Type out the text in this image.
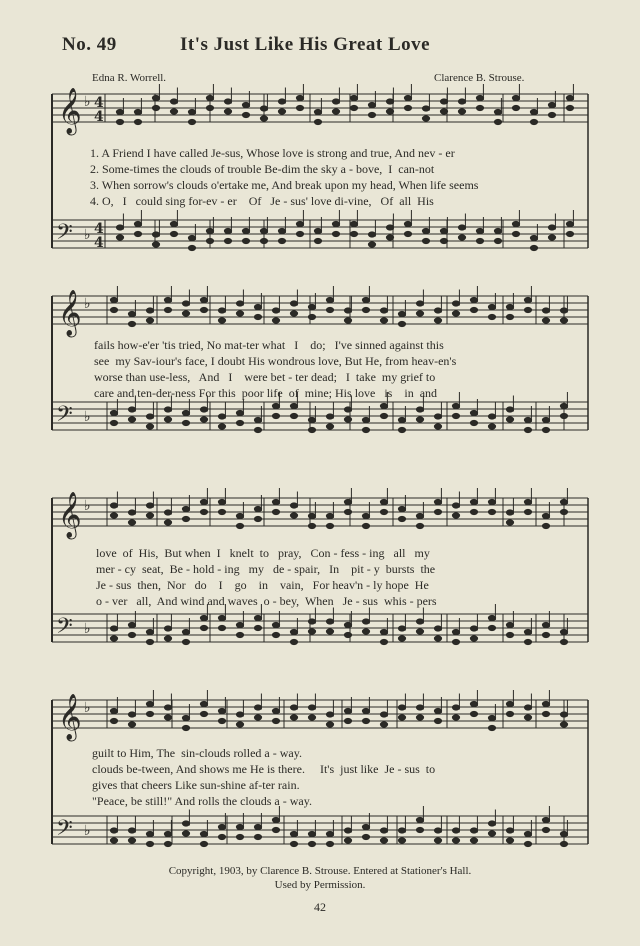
No. 49	It's Just Like His Great Love
Edna R. Worrell.	Clarence B. Strouse.
𝄞
𝄢
♭
♭
4
4
4
4
1. A Friend I have called Je-sus, Whose love is strong and true, And nev - er
2. Some-times the clouds of trouble Be-dim the sky a - bove,  I  can-not
3. When sorrow's clouds o'ertake me, And break upon my head, When life seems
4. O,   I   could sing for-ev - er    Of   Je - sus' love di-vine,   Of  all  His
𝄞
𝄢
♭
♭
fails how-e'er 'tis tried, No mat-ter what   I    do;   I've sinned against this
see  my Sav-iour's face, I doubt His wondrous love, But He, from heav-en's
worse than use-less,   And   I    were bet - ter dead;   I  take  my grief to
care and ten-der-ness For this  poor life  of  mine; His love   is    in  and
𝄞
𝄢
♭
♭
love  of  His,  But when  I   knelt  to   pray,   Con - fess - ing   all   my
mer - cy  seat,  Be - hold - ing   my   de - spair,   In    pit - y  bursts  the
Je - sus  then,  Nor   do    I    go    in    vain,   For heav'n - ly hope  He
o - ver   all,  And wind and waves  o - bey,  When   Je - sus  whis - pers
𝄞
𝄢
♭
♭
guilt to Him, The  sin-clouds rolled a - way.
clouds be-tween, And shows me He is there.     It's  just like  Je - sus  to
gives that cheers Like sun-shine af-ter rain.
"Peace, be still!" And rolls the clouds a - way.
Copyright, 1903, by Clarence B. Strouse. Entered at Stationer's Hall.
Used by Permission.
42
